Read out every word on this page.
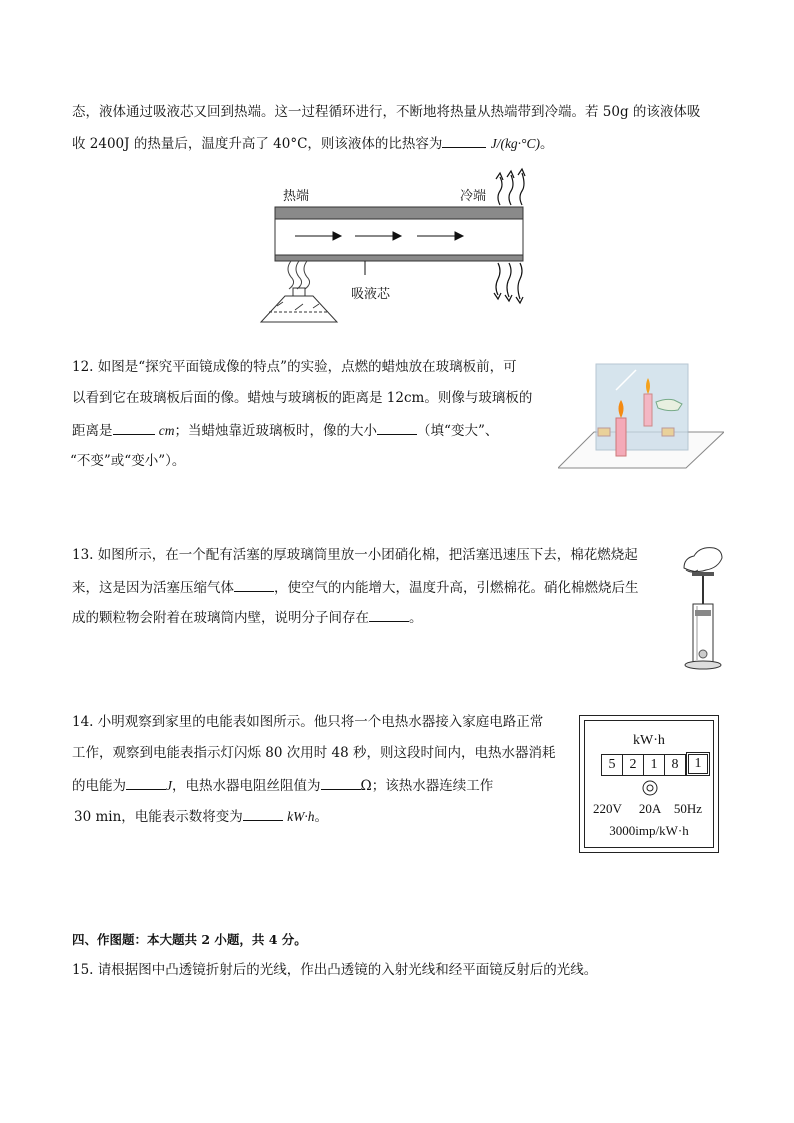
态，液体通过吸液芯又回到热端。这一过程循环进行，不断地将热量从热端带到冷端。若 50g 的该液体吸
收 2400J 的热量后，温度升高了 40°C，则该液体的比热容为	J/(kg·°C)。
热端	冷端
吸液芯
12. 如图是“探究平面镜成像的特点”的实验，点燃的蜡烛放在玻璃板前，可
以看到它在玻璃板后面的像。蜡烛与玻璃板的距离是 12cm。则像与玻璃板的
距离是	cm；当蜡烛靠近玻璃板时，像的大小	（填“变大”、
“不变”或“变小”）。
13. 如图所示，在一个配有活塞的厚玻璃筒里放一小团硝化棉，把活塞迅速压下去，棉花燃烧起
来，这是因为活塞压缩气体	，使空气的内能增大，温度升高，引燃棉花。硝化棉燃烧后生
成的颗粒物会附着在玻璃筒内壁，说明分子间存在	。
14. 小明观察到家里的电能表如图所示。他只将一个电热水器接入家庭电路正常
工作，观察到电能表指示灯闪烁 80 次用时 48 秒，则这段时间内，电热水器消耗
的电能为	J，电热水器电阻丝阻值为	Ω；该热水器连续工作
30 min，电能表示数将变为	kW·h。
kW·h
5	2	1	8	1
220V 20A 50Hz
3000imp/kW·h
四、作图题：本大题共 2 小题，共 4 分。
15. 请根据图中凸透镜折射后的光线，作出凸透镜的入射光线和经平面镜反射后的光线。
